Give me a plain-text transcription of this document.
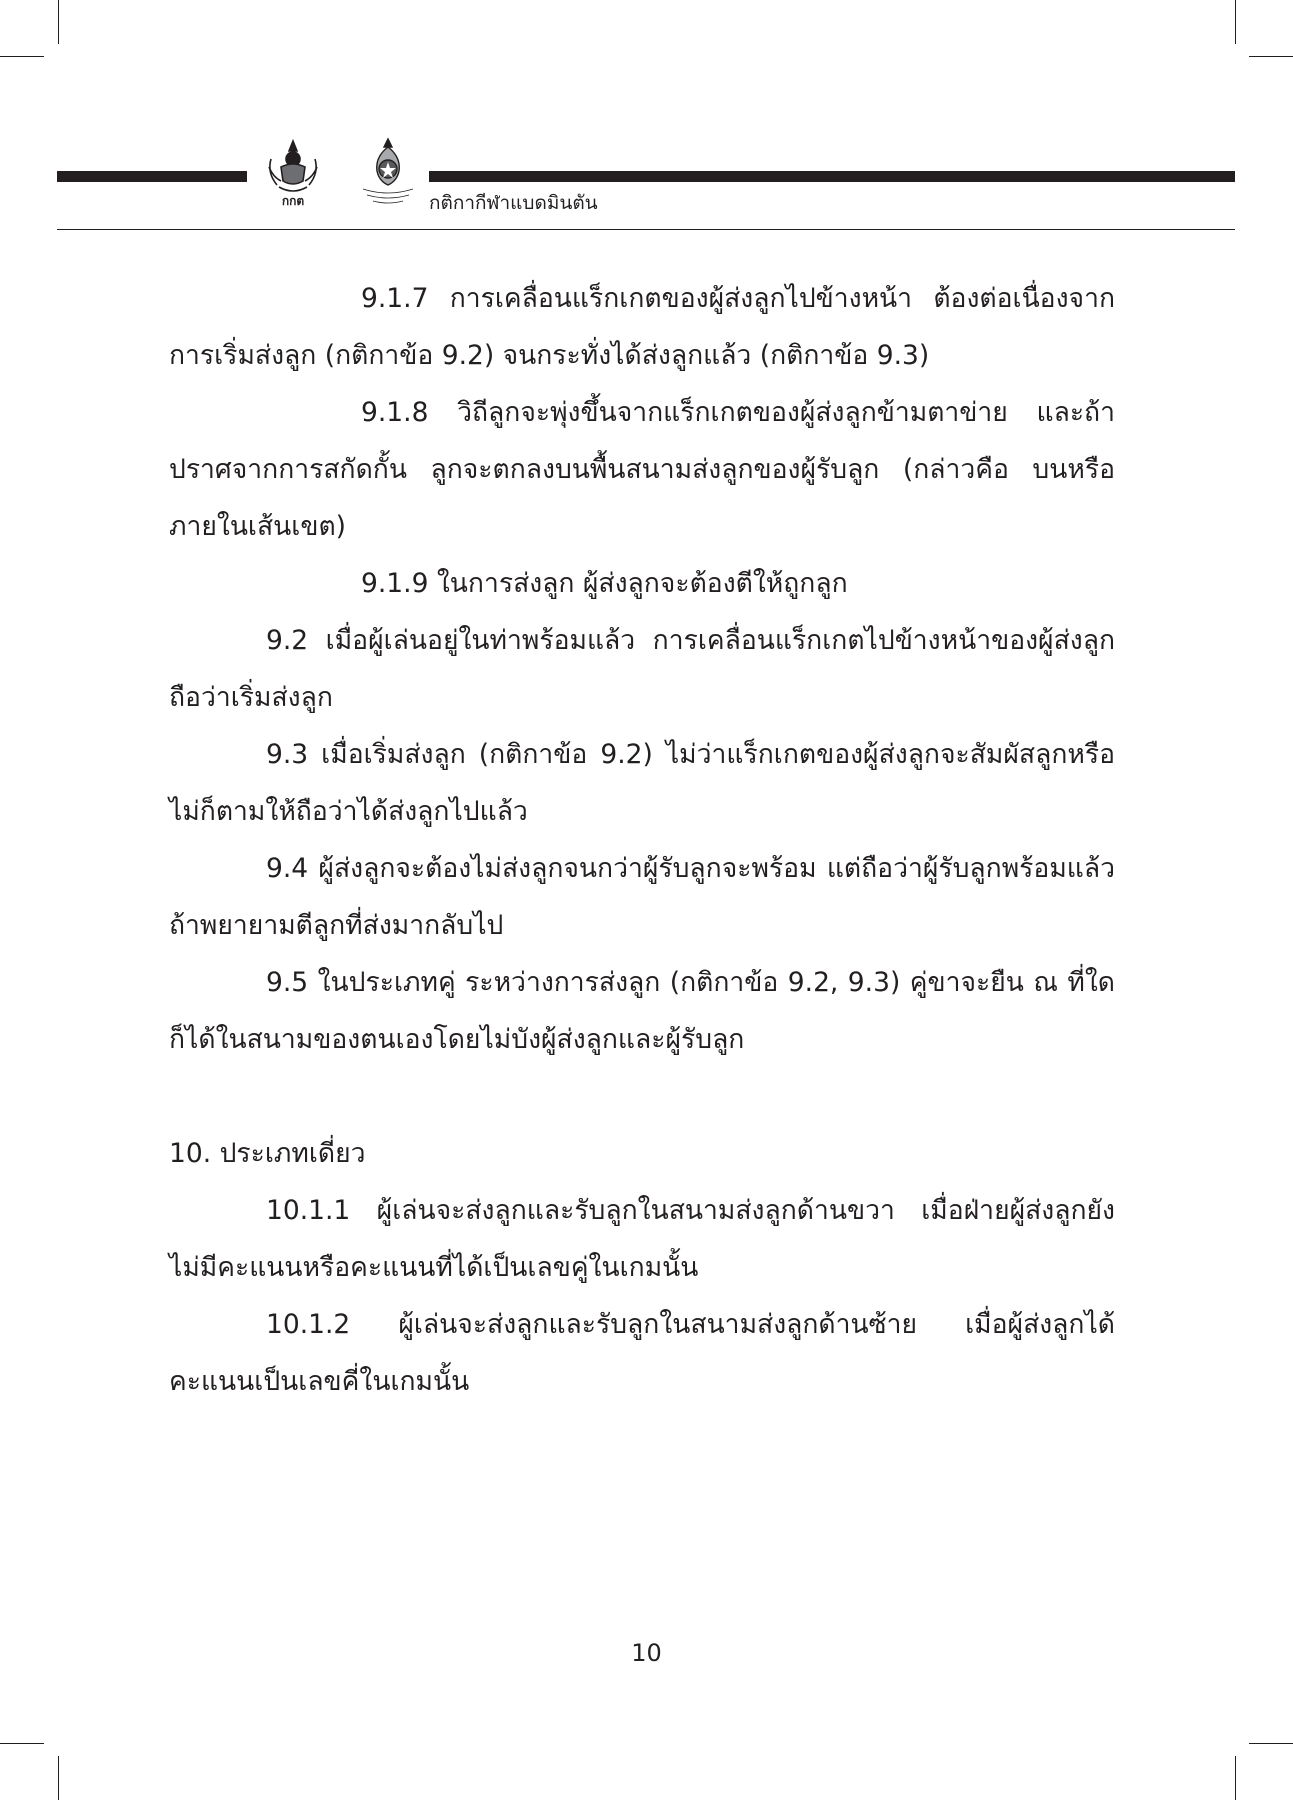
กกต	กติกากีฬาแบดมินตัน

9.1.7 การเคลื่อนแร็กเกตของผู้ส่งลูกไปข้างหน้า ต้องต่อเนื่องจากการเริ่มส่งลูก (กติกาข้อ 9.2) จนกระทั่งได้ส่งลูกแล้ว (กติกาข้อ 9.3)

9.1.8 วิถีลูกจะพุ่งขึ้นจากแร็กเกตของผู้ส่งลูกข้ามตาข่าย และถ้าปราศจากการสกัดกั้น ลูกจะตกลงบนพื้นสนามส่งลูกของผู้รับลูก (กล่าวคือ บนหรือภายในเส้นเขต)

9.1.9 ในการส่งลูก ผู้ส่งลูกจะต้องตีให้ถูกลูก

9.2 เมื่อผู้เล่นอยู่ในท่าพร้อมแล้ว การเคลื่อนแร็กเกตไปข้างหน้าของผู้ส่งลูกถือว่าเริ่มส่งลูก

9.3 เมื่อเริ่มส่งลูก (กติกาข้อ 9.2) ไม่ว่าแร็กเกตของผู้ส่งลูกจะสัมผัสลูกหรือไม่ก็ตามให้ถือว่าได้ส่งลูกไปแล้ว

9.4 ผู้ส่งลูกจะต้องไม่ส่งลูกจนกว่าผู้รับลูกจะพร้อม แต่ถือว่าผู้รับลูกพร้อมแล้วถ้าพยายามตีลูกที่ส่งมากลับไป

9.5 ในประเภทคู่ ระหว่างการส่งลูก (กติกาข้อ 9.2, 9.3) คู่ขาจะยืน ณ ที่ใดก็ได้ในสนามของตนเองโดยไม่บังผู้ส่งลูกและผู้รับลูก

10. ประเภทเดี่ยว

10.1.1 ผู้เล่นจะส่งลูกและรับลูกในสนามส่งลูกด้านขวา เมื่อฝ่ายผู้ส่งลูกยังไม่มีคะแนนหรือคะแนนที่ได้เป็นเลขคู่ในเกมนั้น

10.1.2 ผู้เล่นจะส่งลูกและรับลูกในสนามส่งลูกด้านซ้าย เมื่อผู้ส่งลูกได้คะแนนเป็นเลขคี่ในเกมนั้น

10
